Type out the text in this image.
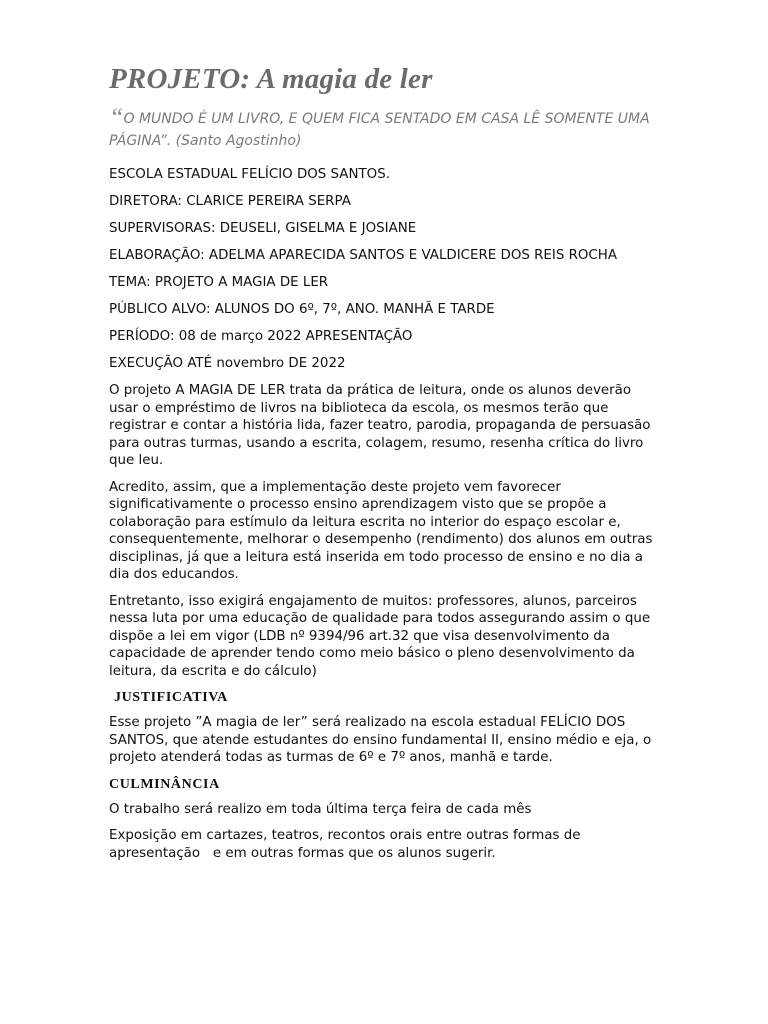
PROJETO: A magia de ler
“O MUNDO É UM LIVRO, E QUEM FICA SENTADO EM CASA LÊ SOMENTE UMA PÁGINA”. (Santo Agostinho)

ESCOLA ESTADUAL FELÍCIO DOS SANTOS.

DIRETORA: CLARICE PEREIRA SERPA

SUPERVISORAS: DEUSELI, GISELMA E JOSIANE

ELABORAÇÃO: ADELMA APARECIDA SANTOS E VALDICERE DOS REIS ROCHA

TEMA: PROJETO A MAGIA DE LER

PÚBLICO ALVO: ALUNOS DO 6º, 7º, ANO. MANHÃ E TARDE

PERÍODO: 08 de março 2022 APRESENTAÇÃO

EXECUÇÃO ATÉ novembro DE 2022

O projeto A MAGIA DE LER trata da prática de leitura, onde os alunos deverão usar o empréstimo de livros na biblioteca da escola, os mesmos terão que registrar e contar a história lida, fazer teatro, parodia, propaganda de persuasão para outras turmas, usando a escrita, colagem, resumo, resenha crítica do livro que leu.

Acredito, assim, que a implementação deste projeto vem favorecer significativamente o processo ensino aprendizagem visto que se propõe a colaboração para estímulo da leitura escrita no interior do espaço escolar e, consequentemente, melhorar o desempenho (rendimento) dos alunos em outras disciplinas, já que a leitura está inserida em todo processo de ensino e no dia a dia dos educandos.

Entretanto, isso exigirá engajamento de muitos: professores, alunos, parceiros nessa luta por uma educação de qualidade para todos assegurando assim o que dispõe a lei em vigor (LDB nº 9394/96 art.32 que visa desenvolvimento da capacidade de aprender tendo como meio básico o pleno desenvolvimento da leitura, da escrita e do cálculo)

JUSTIFICATIVA

Esse projeto ”A magia de ler” será realizado na escola estadual FELÍCIO DOS SANTOS, que atende estudantes do ensino fundamental II, ensino médio e eja, o projeto atenderá todas as turmas de 6º e 7º anos, manhã e tarde.

CULMINÂNCIA

O trabalho será realizo em toda última terça feira de cada mês

Exposição em cartazes, teatros, recontos orais entre outras formas de apresentação   e em outras formas que os alunos sugerir.
